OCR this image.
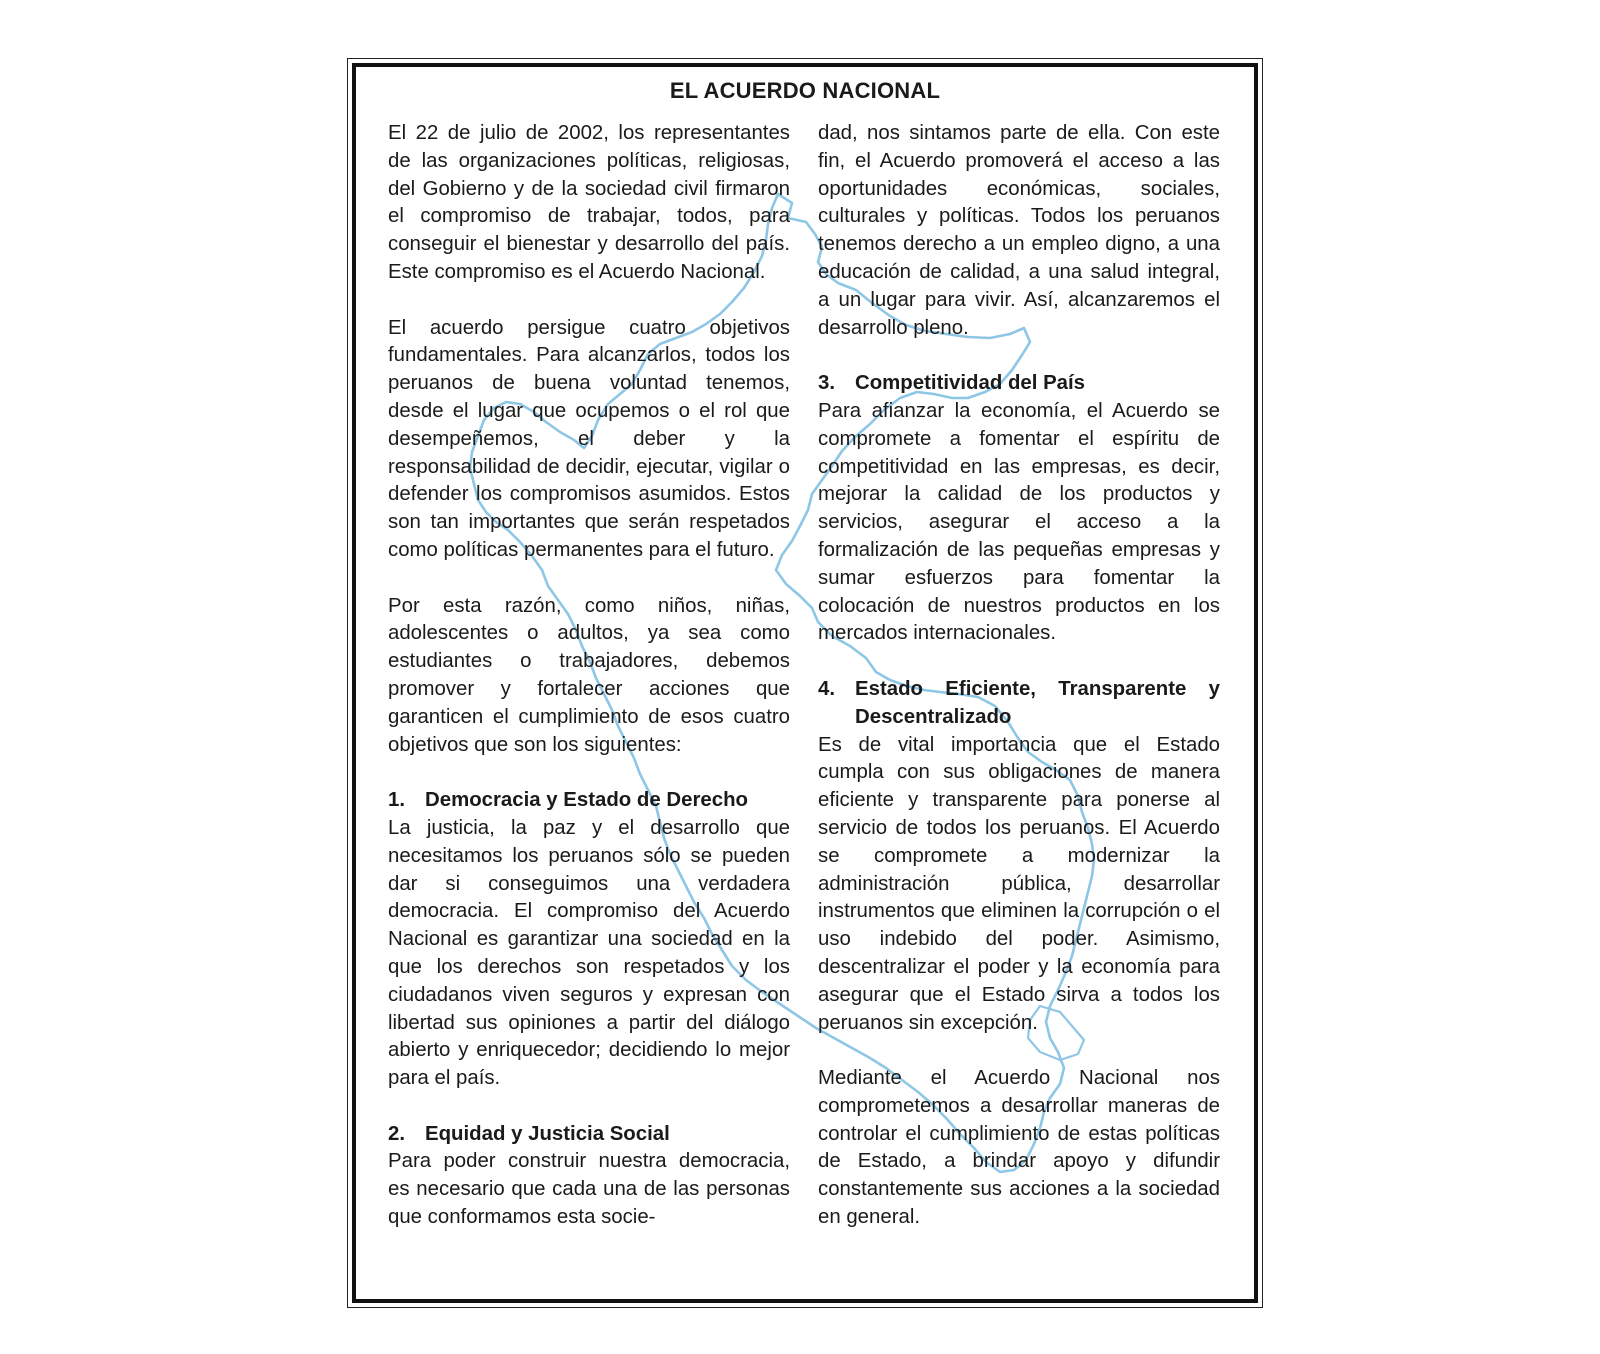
EL ACUERDO NACIONAL

El 22 de julio de 2002, los representantes de las organizaciones políticas, religiosas, del Gobierno y de la sociedad civil firmaron el compromiso de trabajar, todos, para conseguir el bienestar y desarrollo del país. Este compromiso es el Acuerdo Nacional.

El acuerdo persigue cuatro objetivos fundamentales. Para alcanzarlos, todos los peruanos de buena voluntad tenemos, desde el lugar que ocupemos o el rol que desempeñemos, el deber y la responsabilidad de decidir, ejecutar, vigilar o defender los compromisos asumidos. Estos son tan importantes que serán respetados como políticas permanentes para el futuro.

Por esta razón, como niños, niñas, adolescentes o adultos, ya sea como estudiantes o trabajadores, debemos promover y fortalecer acciones que garanticen el cumplimiento de esos cuatro objetivos que son los siguientes:

1. Democracia y Estado de Derecho

La justicia, la paz y el desarrollo que necesitamos los peruanos sólo se pueden dar si conseguimos una verdadera democracia. El compromiso del Acuerdo Nacional es garantizar una sociedad en la que los derechos son respetados y los ciudadanos viven seguros y expresan con libertad sus opiniones a partir del diálogo abierto y enriquecedor; decidiendo lo mejor para el país.

2. Equidad y Justicia Social

Para poder construir nuestra democracia, es necesario que cada una de las personas que conformamos esta socie-

dad, nos sintamos parte de ella. Con este fin, el Acuerdo promoverá el acceso a las oportunidades económicas, sociales, culturales y políticas. Todos los peruanos tenemos derecho a un empleo digno, a una educación de calidad, a una salud integral, a un lugar para vivir. Así, alcanzaremos el desarrollo pleno.

3. Competitividad del País

Para afianzar la economía, el Acuerdo se compromete a fomentar el espíritu de competitividad en las empresas, es decir, mejorar la calidad de los productos y servicios, asegurar el acceso a la formalización de las pequeñas empresas y sumar esfuerzos para fomentar la colocación de nuestros productos en los mercados internacionales.

4. Estado Eficiente, Transparente y Descentralizado

Es de vital importancia que el Estado cumpla con sus obligaciones de manera eficiente y transparente para ponerse al servicio de todos los peruanos. El Acuerdo se compromete a modernizar la administración pública, desarrollar instrumentos que eliminen la corrupción o el uso indebido del poder. Asimismo, descentralizar el poder y la economía para asegurar que el Estado sirva a todos los peruanos sin excepción.

Mediante el Acuerdo Nacional nos comprometemos a desarrollar maneras de controlar el cumplimiento de estas políticas de Estado, a brindar apoyo y difundir constantemente sus acciones a la sociedad en general.
